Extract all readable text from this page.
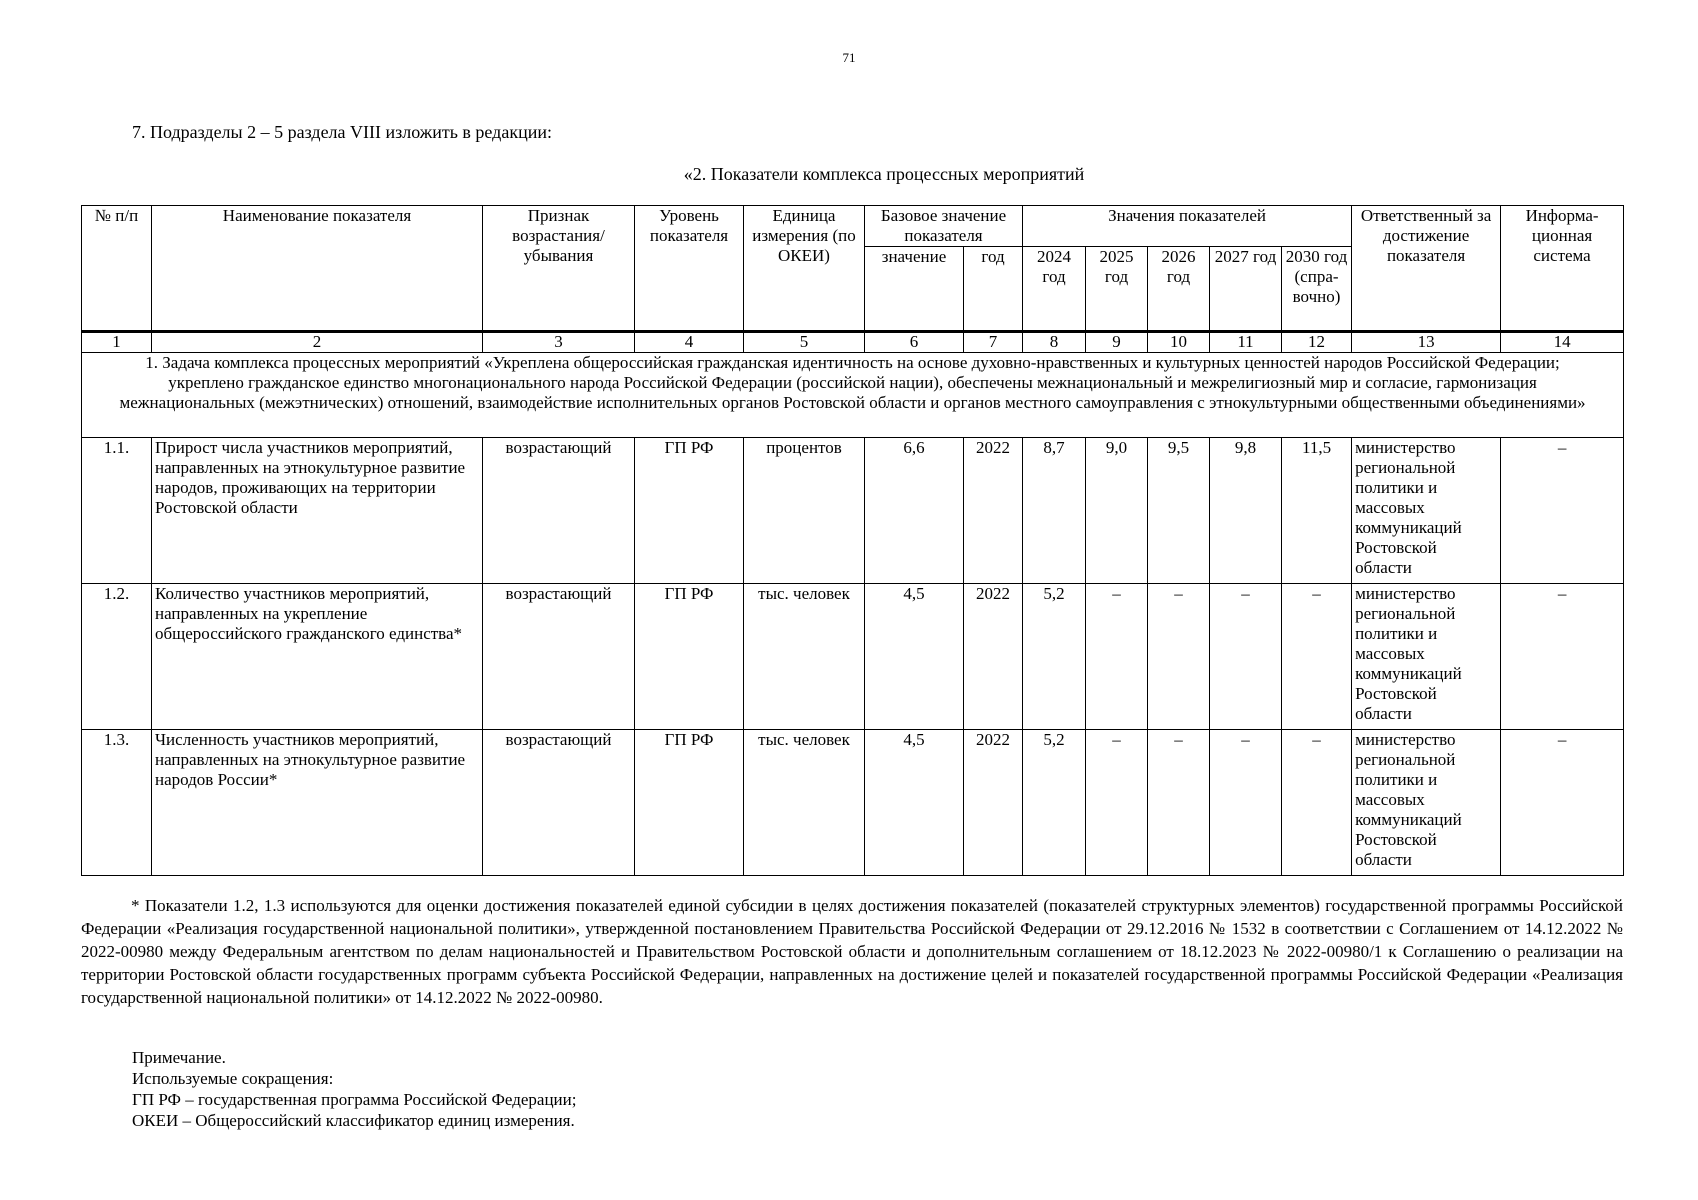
71
7. Подразделы 2 – 5 раздела VIII изложить в редакции:
«2. Показатели комплекса процессных мероприятий
№ п/п	Наименование показателя	Признак возрастания/ убывания	Уровень показателя	Единица измерения (по ОКЕИ)	Базовое значение показателя		Значения показателей					Ответственный за достижение показателя	Информа-ционная система
					значение	год	2024 год	2025 год	2026 год	2027 год	2030 год (спра-вочно)		
1	2	3	4	5	6	7	8	9	10	11	12	13	14
1. Задача комплекса процессных мероприятий «Укреплена общероссийская гражданская идентичность на основе духовно-нравственных и культурных ценностей народов Российской Федерации; укреплено гражданское единство многонационального народа Российской Федерации (российской нации), обеспечены межнациональный и межрелигиозный мир и согласие, гармонизация межнациональных (межэтнических) отношений, взаимодействие исполнительных органов Ростовской области и органов местного самоуправления с этнокультурными общественными объединениями»													
1.1.	Прирост числа участников мероприятий, направленных на этнокультурное развитие народов, проживающих на территории Ростовской области	возрастающий	ГП РФ	процентов	6,6	2022	8,7	9,0	9,5	9,8	11,5	министерство региональной политики и массовых коммуникаций Ростовской области	–
1.2.	Количество участников мероприятий, направленных на укрепление общероссийского гражданского единства*	возрастающий	ГП РФ	тыс. человек	4,5	2022	5,2	–	–	–	–	министерство региональной политики и массовых коммуникаций Ростовской области	–
1.3.	Численность участников мероприятий, направленных на этнокультурное развитие народов России*	возрастающий	ГП РФ	тыс. человек	4,5	2022	5,2	–	–	–	–	министерство региональной политики и массовых коммуникаций Ростовской области	–
* Показатели 1.2, 1.3 используются для оценки достижения показателей единой субсидии в целях достижения показателей (показателей структурных элементов) государственной программы Российской Федерации «Реализация государственной национальной политики», утвержденной постановлением Правительства Российской Федерации от 29.12.2016 № 1532 в соответствии с Соглашением от 14.12.2022 № 2022-00980 между Федеральным агентством по делам национальностей и Правительством Ростовской области и дополнительным соглашением от 18.12.2023 № 2022-00980/1 к Соглашению о реализации на территории Ростовской области государственных программ субъекта Российской Федерации, направленных на достижение целей и показателей государственной программы Российской Федерации «Реализация государственной национальной политики» от 14.12.2022 № 2022-00980.
Примечание.
Используемые сокращения:
ГП РФ – государственная программа Российской Федерации;
ОКЕИ – Общероссийский классификатор единиц измерения.
